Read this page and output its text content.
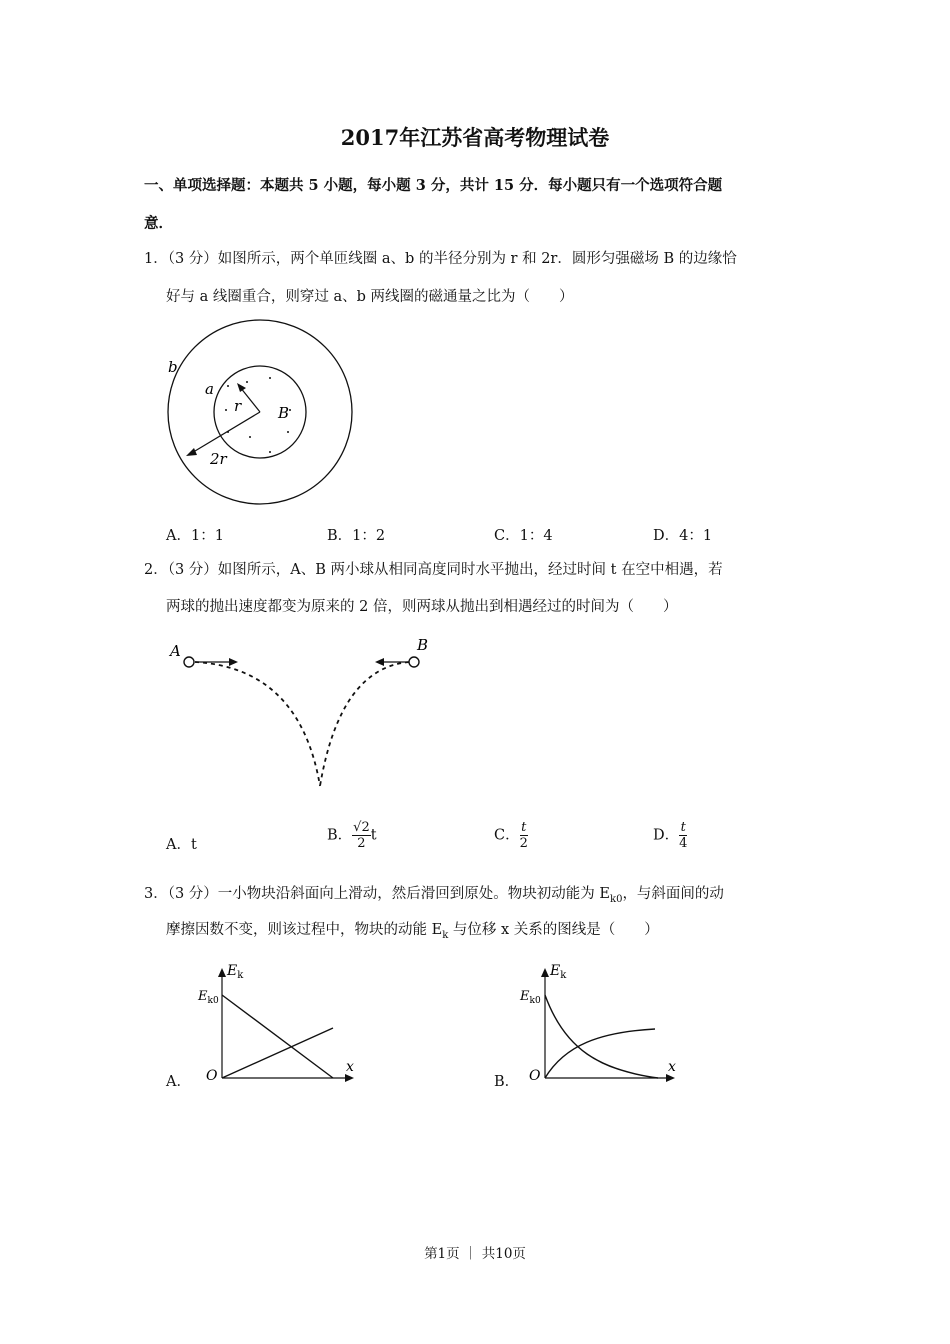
2017年江苏省高考物理试卷
一、单项选择题：本题共 5 小题，每小题 3 分，共计 15 分．每小题只有一个选项符合题
意．
1．（3 分）如图所示，两个单匝线圈 a、b 的半径分别为 r 和 2r．圆形匀强磁场 B 的边缘恰
好与 a 线圈重合，则穿过 a、b 两线圈的磁通量之比为（　　）
b
a
r B
2r
A．1：1	B．1：2	C．1：4	D．4：1
2．（3 分）如图所示，A、B 两小球从相同高度同时水平抛出，经过时间 t 在空中相遇，若
两球的抛出速度都变为原来的 2 倍，则两球从抛出到相遇经过的时间为（　　）
A	B
A．t
B． $\frac{√2}{2}$ t	C． $\frac{t}{2}$	D． $\frac{t}{4}$
3．（3 分）一小物块沿斜面向上滑动，然后滑回到原处。物块初动能为 $E_{k0}$，与斜面间的动
摩擦因数不变，则该过程中，物块的动能 $E_k$ 与位移 x 关系的图线是（　　）
A．
$E_k$
$E_{k0}$
O
x
B．
$E_k$
$E_{k0}$
O
x
第1页 ｜ 共10页
